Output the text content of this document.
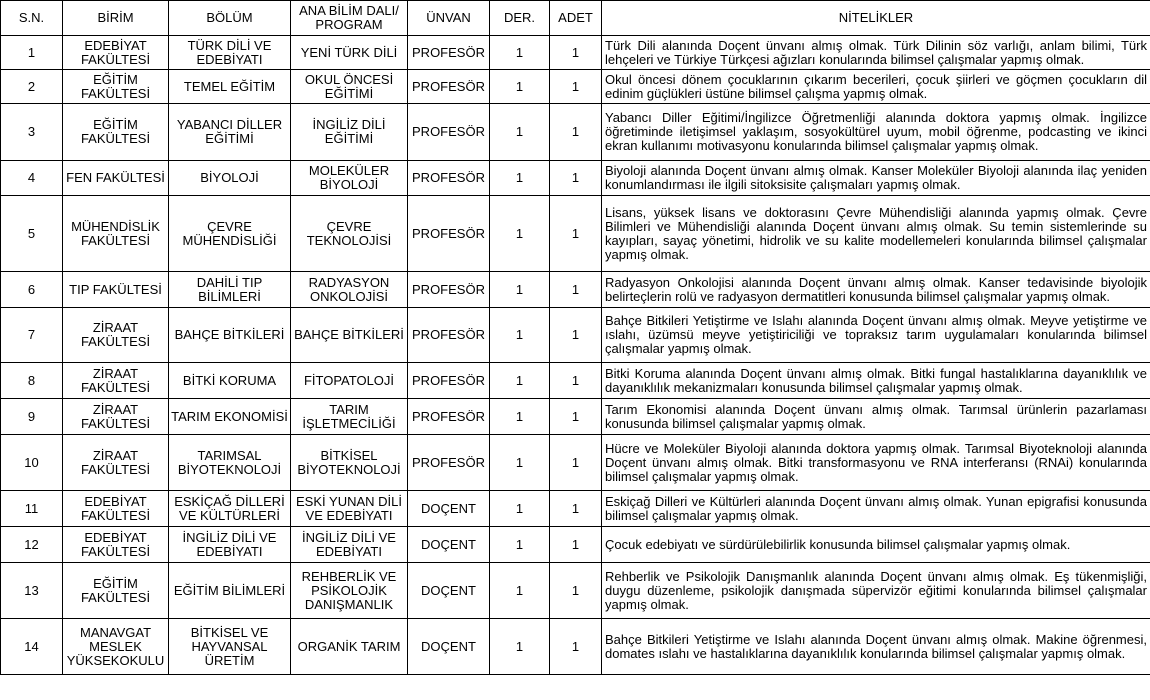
S.N.	BİRİM	BÖLÜM	ANA BİLİM DALI/ PROGRAM	ÜNVAN	DER.	ADET	NİTELİKLER
1	EDEBİYAT FAKÜLTESİ	TÜRK DİLİ VE EDEBİYATI	YENİ TÜRK DİLİ	PROFESÖR	1	1	Türk Dili alanında Doçent ünvanı almış olmak. Türk Dilinin söz varlığı, anlam bilimi, Türk lehçeleri ve Türkiye Türkçesi ağızları konularında bilimsel çalışmalar yapmış olmak.
2	EĞİTİM FAKÜLTESİ	TEMEL EĞİTİM	OKUL ÖNCESİ EĞİTİMİ	PROFESÖR	1	1	Okul öncesi dönem çocuklarının çıkarım becerileri, çocuk şiirleri ve göçmen çocukların dil edinim güçlükleri üstüne bilimsel çalışma yapmış olmak.
3	EĞİTİM FAKÜLTESİ	YABANCI DİLLER EĞİTİMİ	İNGİLİZ DİLİ EĞİTİMİ	PROFESÖR	1	1	Yabancı Diller Eğitimi/İngilizce Öğretmenliği alanında doktora yapmış olmak. İngilizce öğretiminde iletişimsel yaklaşım, sosyokültürel uyum, mobil öğrenme, podcasting ve ikinci ekran kullanımı motivasyonu konularında bilimsel çalışmalar yapmış olmak.
4	FEN FAKÜLTESİ	BİYOLOJİ	MOLEKÜLER BİYOLOJİ	PROFESÖR	1	1	Biyoloji alanında Doçent ünvanı almış olmak. Kanser Moleküler Biyoloji alanında ilaç yeniden konumlandırması ile ilgili sitoksisite çalışmaları yapmış olmak.
5	MÜHENDİSLİK FAKÜLTESİ	ÇEVRE MÜHENDİSLİĞİ	ÇEVRE TEKNOLOJİSİ	PROFESÖR	1	1	Lisans, yüksek lisans ve doktorasını Çevre Mühendisliği alanında yapmış olmak. Çevre Bilimleri ve Mühendisliği alanında Doçent ünvanı almış olmak. Su temin sistemlerinde su kayıpları, sayaç yönetimi, hidrolik ve su kalite modellemeleri konularında bilimsel çalışmalar yapmış olmak.
6	TIP FAKÜLTESİ	DAHİLİ TIP BİLİMLERİ	RADYASYON ONKOLOJİSİ	PROFESÖR	1	1	Radyasyon Onkolojisi alanında Doçent ünvanı almış olmak. Kanser tedavisinde biyolojik belirteçlerin rolü ve radyasyon dermatitleri konusunda bilimsel çalışmalar yapmış olmak.
7	ZİRAAT FAKÜLTESİ	BAHÇE BİTKİLERİ	BAHÇE BİTKİLERİ	PROFESÖR	1	1	Bahçe Bitkileri Yetiştirme ve Islahı alanında Doçent ünvanı almış olmak. Meyve yetiştirme ve ıslahı, üzümsü meyve yetiştiriciliği ve topraksız tarım uygulamaları konularında bilimsel çalışmalar yapmış olmak.
8	ZİRAAT FAKÜLTESİ	BİTKİ KORUMA	FİTOPATOLOJİ	PROFESÖR	1	1	Bitki Koruma alanında Doçent ünvanı almış olmak. Bitki fungal hastalıklarına dayanıklılık ve dayanıklılık mekanizmaları konusunda bilimsel çalışmalar yapmış olmak.
9	ZİRAAT FAKÜLTESİ	TARIM EKONOMİSİ	TARIM İŞLETMECİLİĞİ	PROFESÖR	1	1	Tarım Ekonomisi alanında Doçent ünvanı almış olmak. Tarımsal ürünlerin pazarlaması konusunda bilimsel çalışmalar yapmış olmak.
10	ZİRAAT FAKÜLTESİ	TARIMSAL BİYOTEKNOLOJİ	BİTKİSEL BİYOTEKNOLOJİ	PROFESÖR	1	1	Hücre ve Moleküler Biyoloji alanında doktora yapmış olmak. Tarımsal Biyoteknoloji alanında Doçent ünvanı almış olmak. Bitki transformasyonu ve RNA interferansı (RNAi) konularında bilimsel çalışmalar yapmış olmak.
11	EDEBİYAT FAKÜLTESİ	ESKİÇAĞ DİLLERİ VE KÜLTÜRLERİ	ESKİ YUNAN DİLİ VE EDEBİYATI	DOÇENT	1	1	Eskiçağ Dilleri ve Kültürleri alanında Doçent ünvanı almış olmak. Yunan epigrafisi konusunda bilimsel çalışmalar yapmış olmak.
12	EDEBİYAT FAKÜLTESİ	İNGİLİZ DİLİ VE EDEBİYATI	İNGİLİZ DİLİ VE EDEBİYATI	DOÇENT	1	1	Çocuk edebiyatı ve sürdürülebilirlik konusunda bilimsel çalışmalar yapmış olmak.
13	EĞİTİM FAKÜLTESİ	EĞİTİM BİLİMLERİ	REHBERLİK VE PSİKOLOJİK DANIŞMANLIK	DOÇENT	1	1	Rehberlik ve Psikolojik Danışmanlık alanında Doçent ünvanı almış olmak. Eş tükenmişliği, duygu düzenleme, psikolojik danışmada süpervizör eğitimi konularında bilimsel çalışmalar yapmış olmak.
14	MANAVGAT MESLEK YÜKSEKOKULU	BİTKİSEL VE HAYVANSAL ÜRETİM	ORGANİK TARIM	DOÇENT	1	1	Bahçe Bitkileri Yetiştirme ve Islahı alanında Doçent ünvanı almış olmak. Makine öğrenmesi, domates ıslahı ve hastalıklarına dayanıklılık konularında bilimsel çalışmalar yapmış olmak.
